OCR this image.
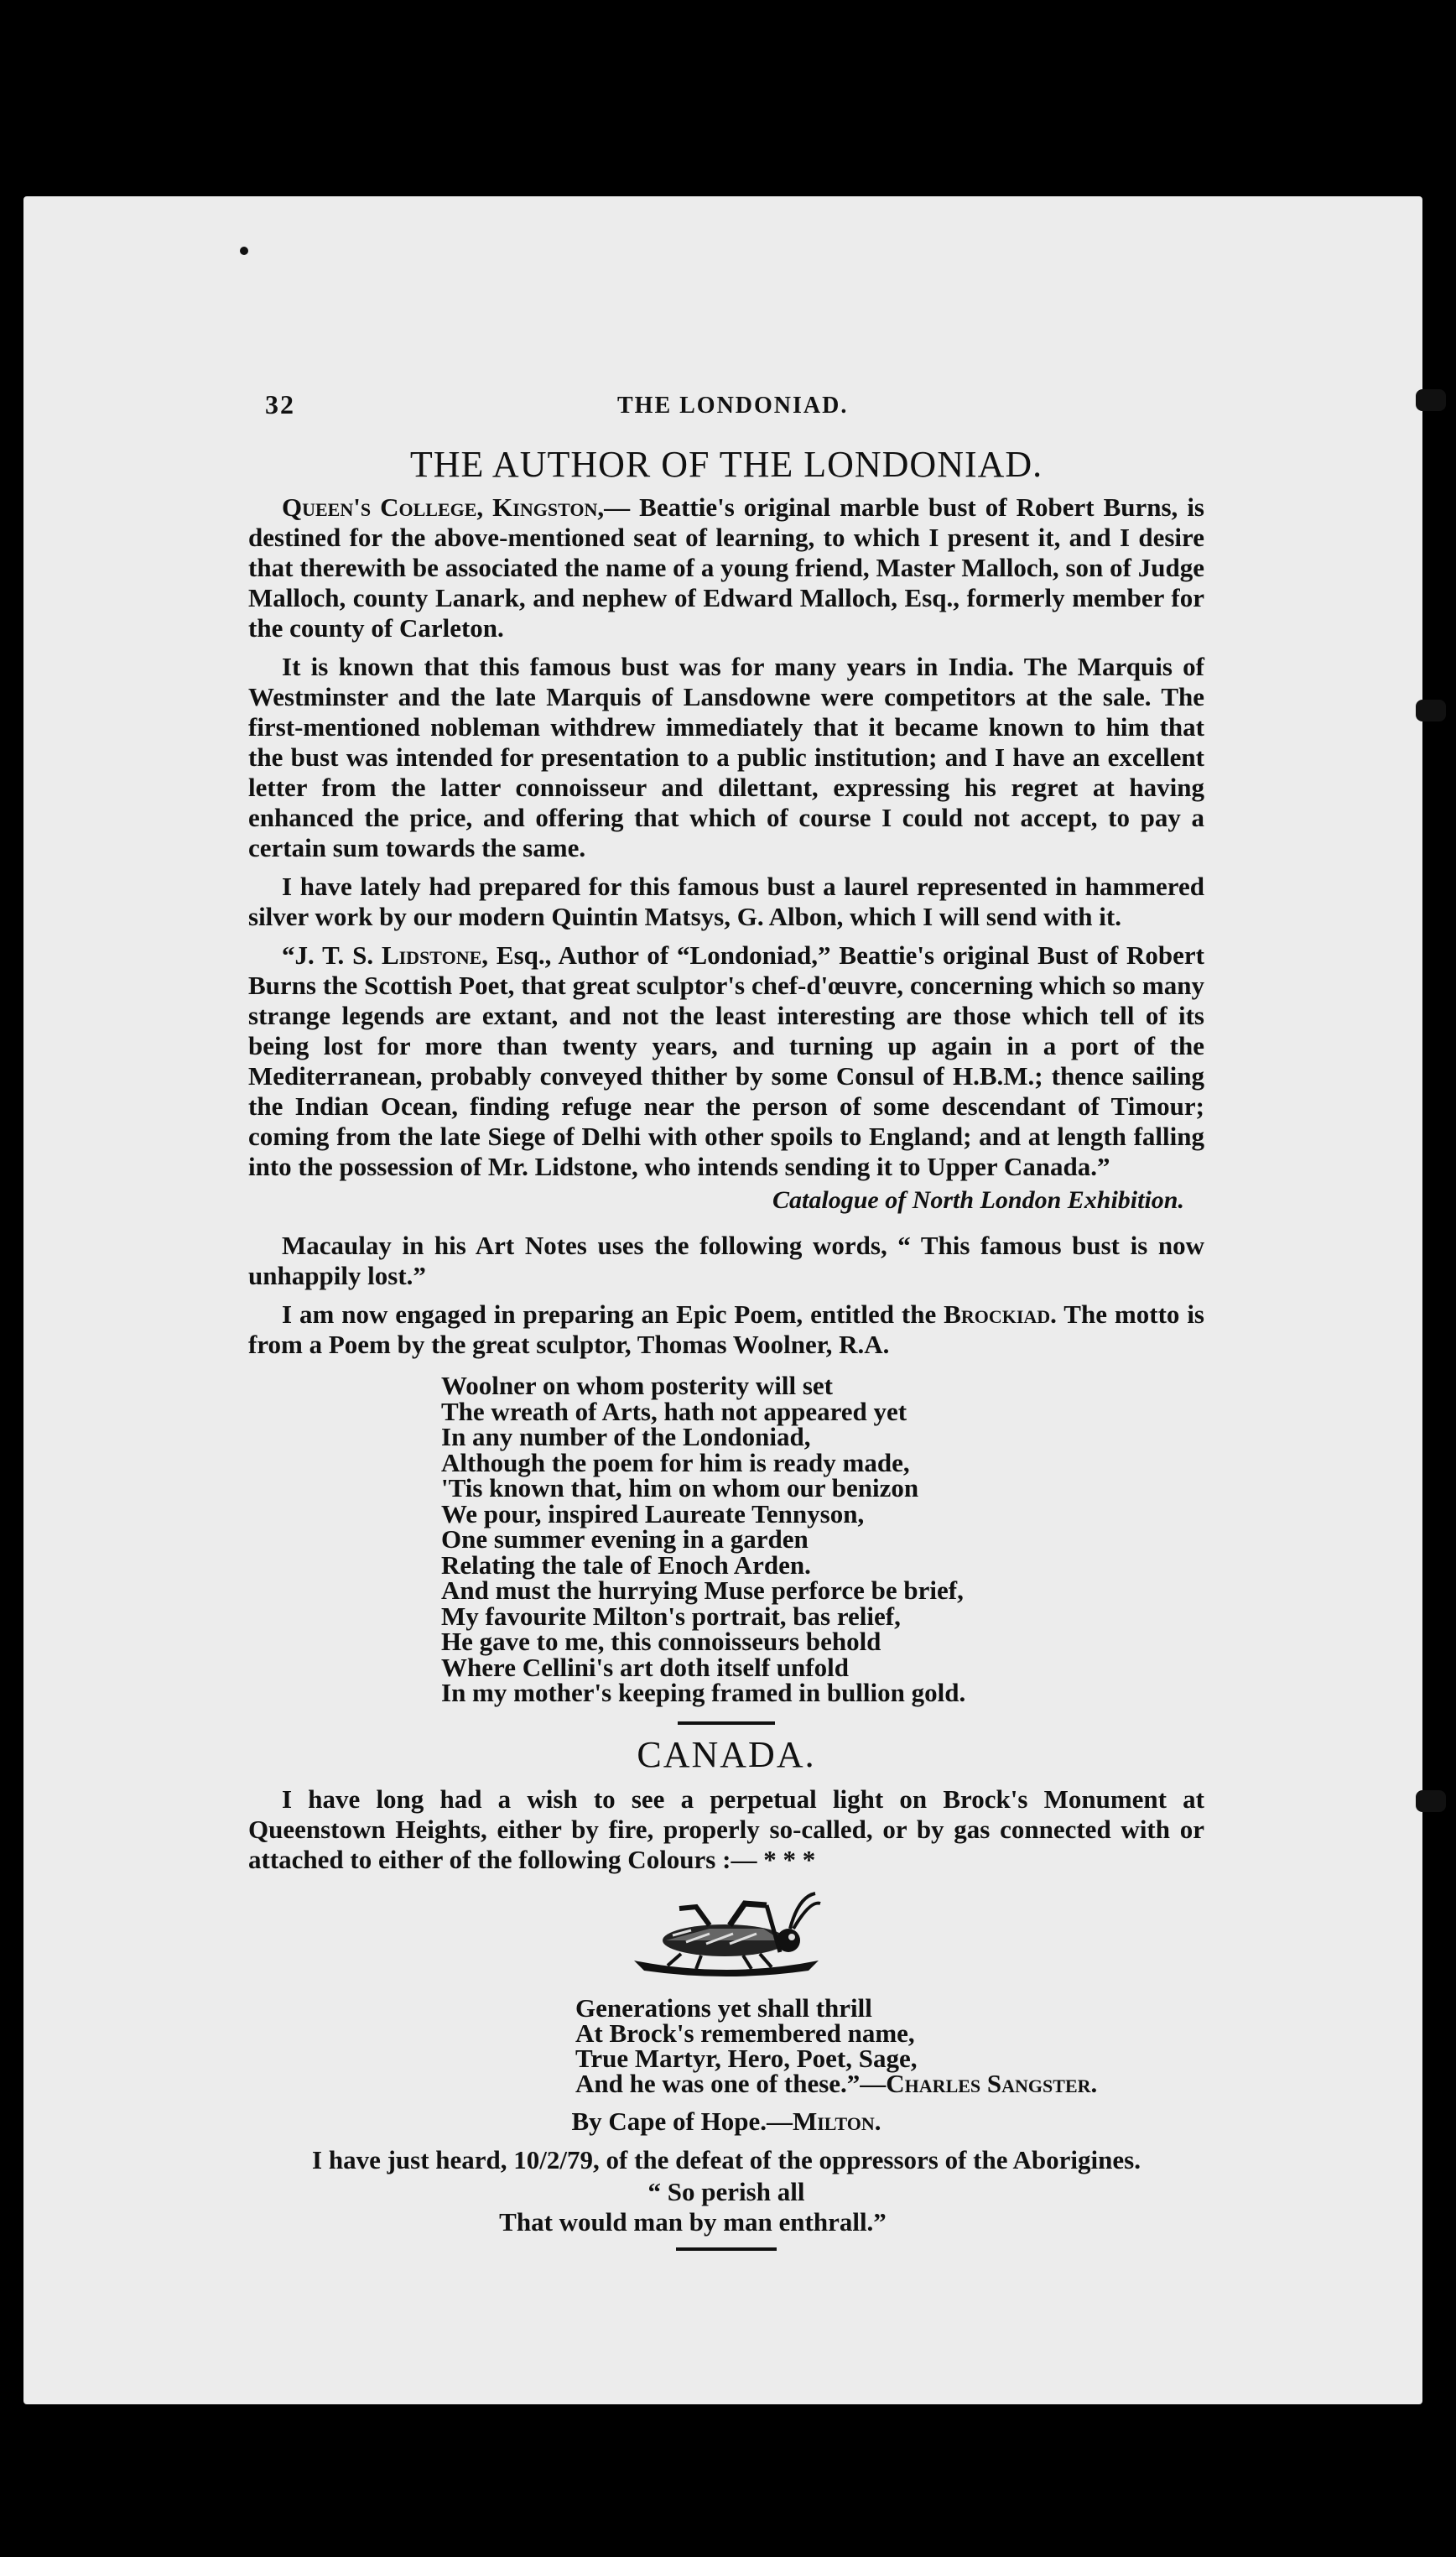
32	THE LONDONIAD.
THE AUTHOR OF THE LONDONIAD.

Queen's College, Kingston,— Beattie's original marble bust of Robert Burns, is destined for the above-mentioned seat of learning, to which I present it, and I desire that therewith be associated the name of a young friend, Master Malloch, son of Judge Malloch, county Lanark, and nephew of Edward Malloch, Esq., formerly member for the county of Carleton.

It is known that this famous bust was for many years in India. The Marquis of Westminster and the late Marquis of Lansdowne were competitors at the sale. The first-mentioned nobleman withdrew immediately that it became known to him that the bust was intended for presentation to a public institution; and I have an excellent letter from the latter connoisseur and dilettant, expressing his regret at having enhanced the price, and offering that which of course I could not accept, to pay a certain sum towards the same.

I have lately had prepared for this famous bust a laurel represented in hammered silver work by our modern Quintin Matsys, G. Albon, which I will send with it.

“J. T. S. Lidstone, Esq., Author of “Londoniad,” Beattie's original Bust of Robert Burns the Scottish Poet, that great sculptor's chef-d'œuvre, concerning which so many strange legends are extant, and not the least interesting are those which tell of its being lost for more than twenty years, and turning up again in a port of the Mediterranean, probably conveyed thither by some Consul of H.B.M.; thence sailing the Indian Ocean, finding refuge near the person of some descendant of Timour; coming from the late Siege of Delhi with other spoils to England; and at length falling into the possession of Mr. Lidstone, who intends sending it to Upper Canada.”

Catalogue of North London Exhibition.

Macaulay in his Art Notes uses the following words, “ This famous bust is now unhappily lost.”

I am now engaged in preparing an Epic Poem, entitled the Brockiad. The motto is from a Poem by the great sculptor, Thomas Woolner, R.A.

Woolner on whom posterity will set
The wreath of Arts, hath not appeared yet
In any number of the Londoniad,
Although the poem for him is ready made,
'Tis known that, him on whom our benizon
We pour, inspired Laureate Tennyson,
One summer evening in a garden
Relating the tale of Enoch Arden.
And must the hurrying Muse perforce be brief,
My favourite Milton's portrait, bas relief,
He gave to me, this connoisseurs behold
Where Cellini's art doth itself unfold
In my mother's keeping framed in bullion gold.
CANADA.

I have long had a wish to see a perpetual light on Brock's Monument at Queenstown Heights, either by fire, properly so-called, or by gas connected with or attached to either of the following Colours :— * * *

Generations yet shall thrill
At Brock's remembered name,
True Martyr, Hero, Poet, Sage,
And he was one of these.”—Charles Sangster.

By Cape of Hope.—Milton.

I have just heard, 10/2/79, of the defeat of the oppressors of the Aborigines.

“ So perish all

That would man by man enthrall.”
